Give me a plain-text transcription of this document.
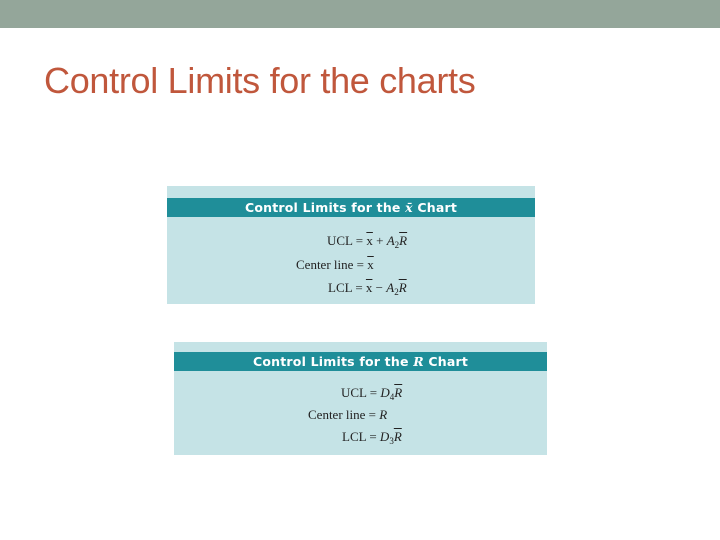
Control Limits for the charts
Control Limits for the x̄ Chart
UCL = $\overline{x} + A_2\overline{R}$
Center line = $\overline{x}$
LCL = $\overline{x} - A_2\overline{R}$
Control Limits for the R Chart
UCL = $D_4\overline{R}$
Center line = R
LCL = $D_3\overline{R}$
